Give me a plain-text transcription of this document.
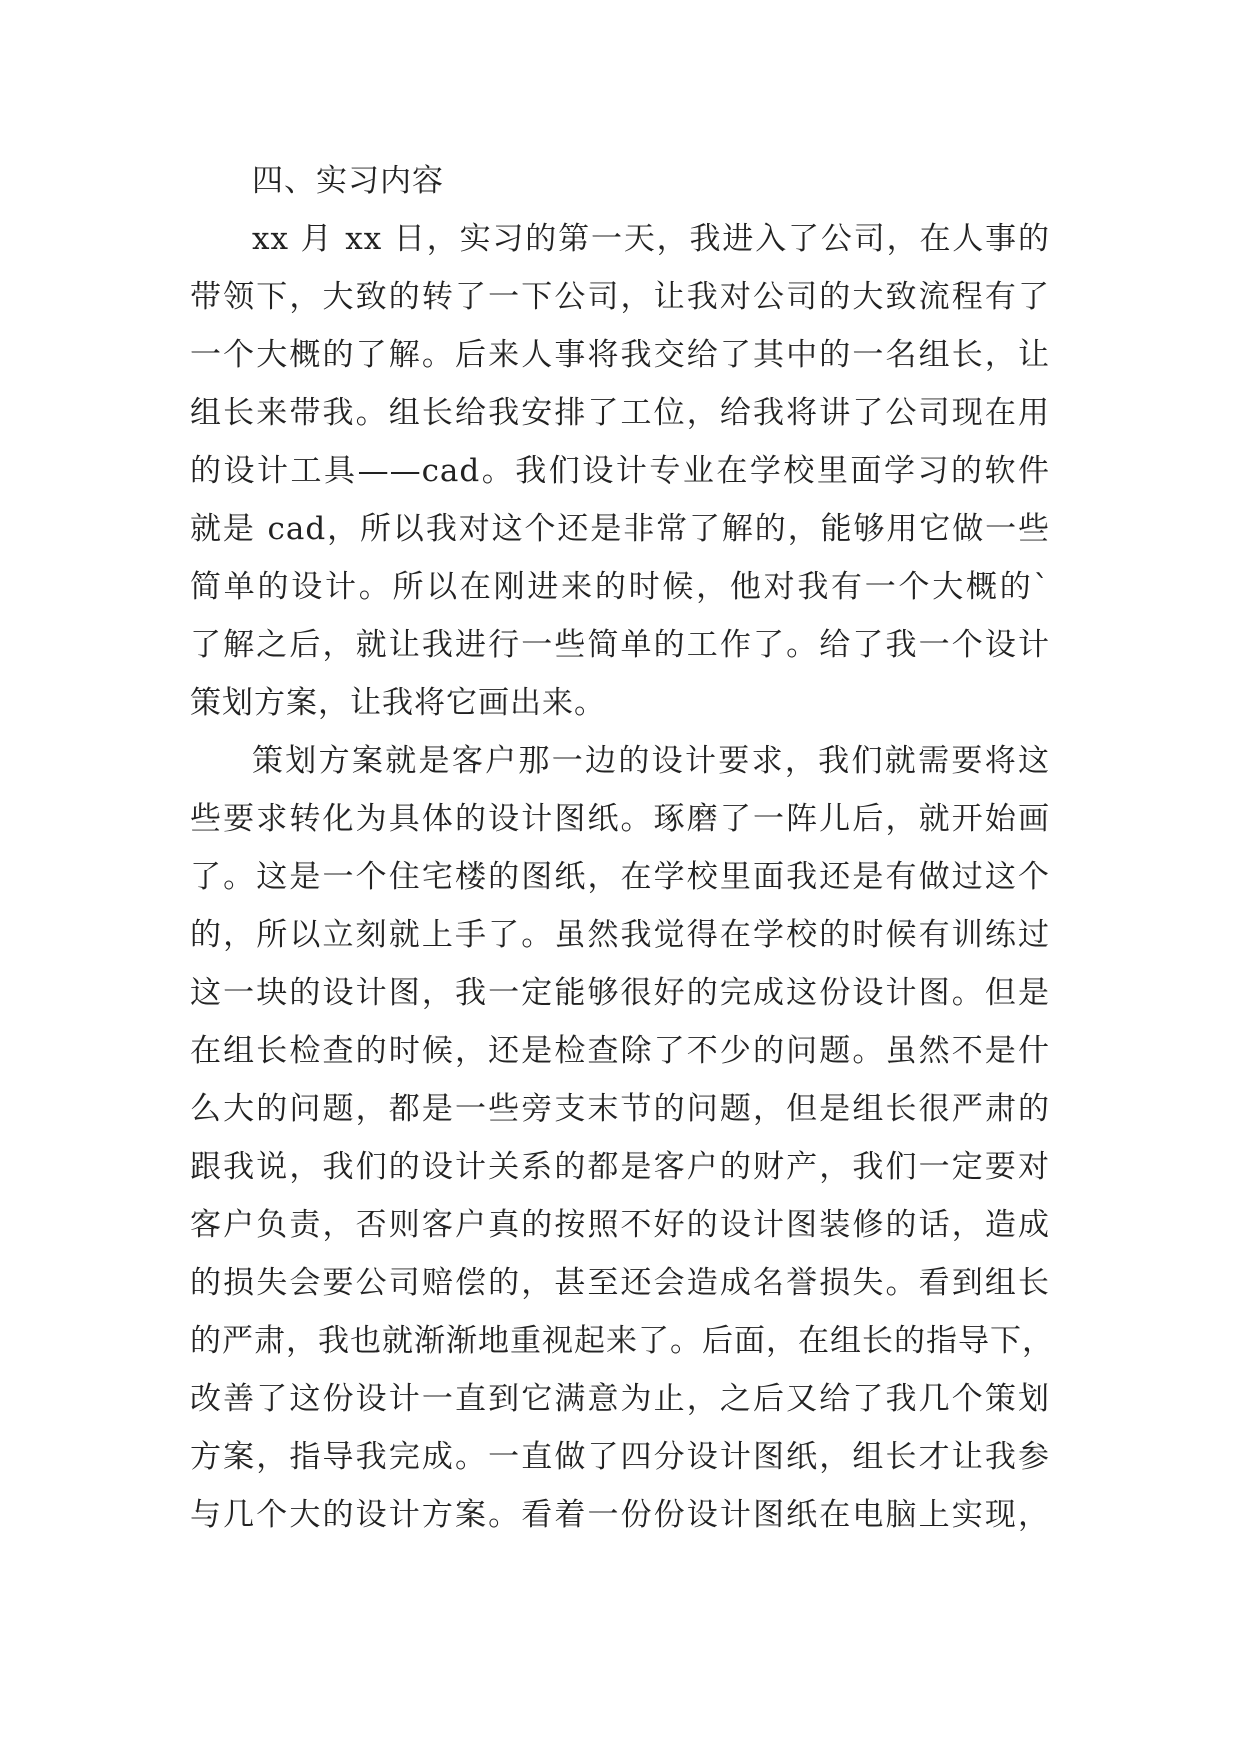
四、实习内容
xx 月 xx 日，实习的第一天，我进入了公司，在人事的
带领下，大致的转了一下公司，让我对公司的大致流程有了
一个大概的了解。后来人事将我交给了其中的一名组长，让
组长来带我。组长给我安排了工位，给我将讲了公司现在用
的设计工具——cad。我们设计专业在学校里面学习的软件
就是 cad，所以我对这个还是非常了解的，能够用它做一些
简单的设计。所以在刚进来的时候，他对我有一个大概的`
了解之后，就让我进行一些简单的工作了。给了我一个设计
策划方案，让我将它画出来。
策划方案就是客户那一边的设计要求，我们就需要将这
些要求转化为具体的设计图纸。琢磨了一阵儿后，就开始画
了。这是一个住宅楼的图纸，在学校里面我还是有做过这个
的，所以立刻就上手了。虽然我觉得在学校的时候有训练过
这一块的设计图，我一定能够很好的完成这份设计图。但是
在组长检查的时候，还是检查除了不少的问题。虽然不是什
么大的问题，都是一些旁支末节的问题，但是组长很严肃的
跟我说，我们的设计关系的都是客户的财产，我们一定要对
客户负责，否则客户真的按照不好的设计图装修的话，造成
的损失会要公司赔偿的，甚至还会造成名誉损失。看到组长
的严肃，我也就渐渐地重视起来了。后面，在组长的指导下，
改善了这份设计一直到它满意为止，之后又给了我几个策划
方案，指导我完成。一直做了四分设计图纸，组长才让我参
与几个大的设计方案。看着一份份设计图纸在电脑上实现，
